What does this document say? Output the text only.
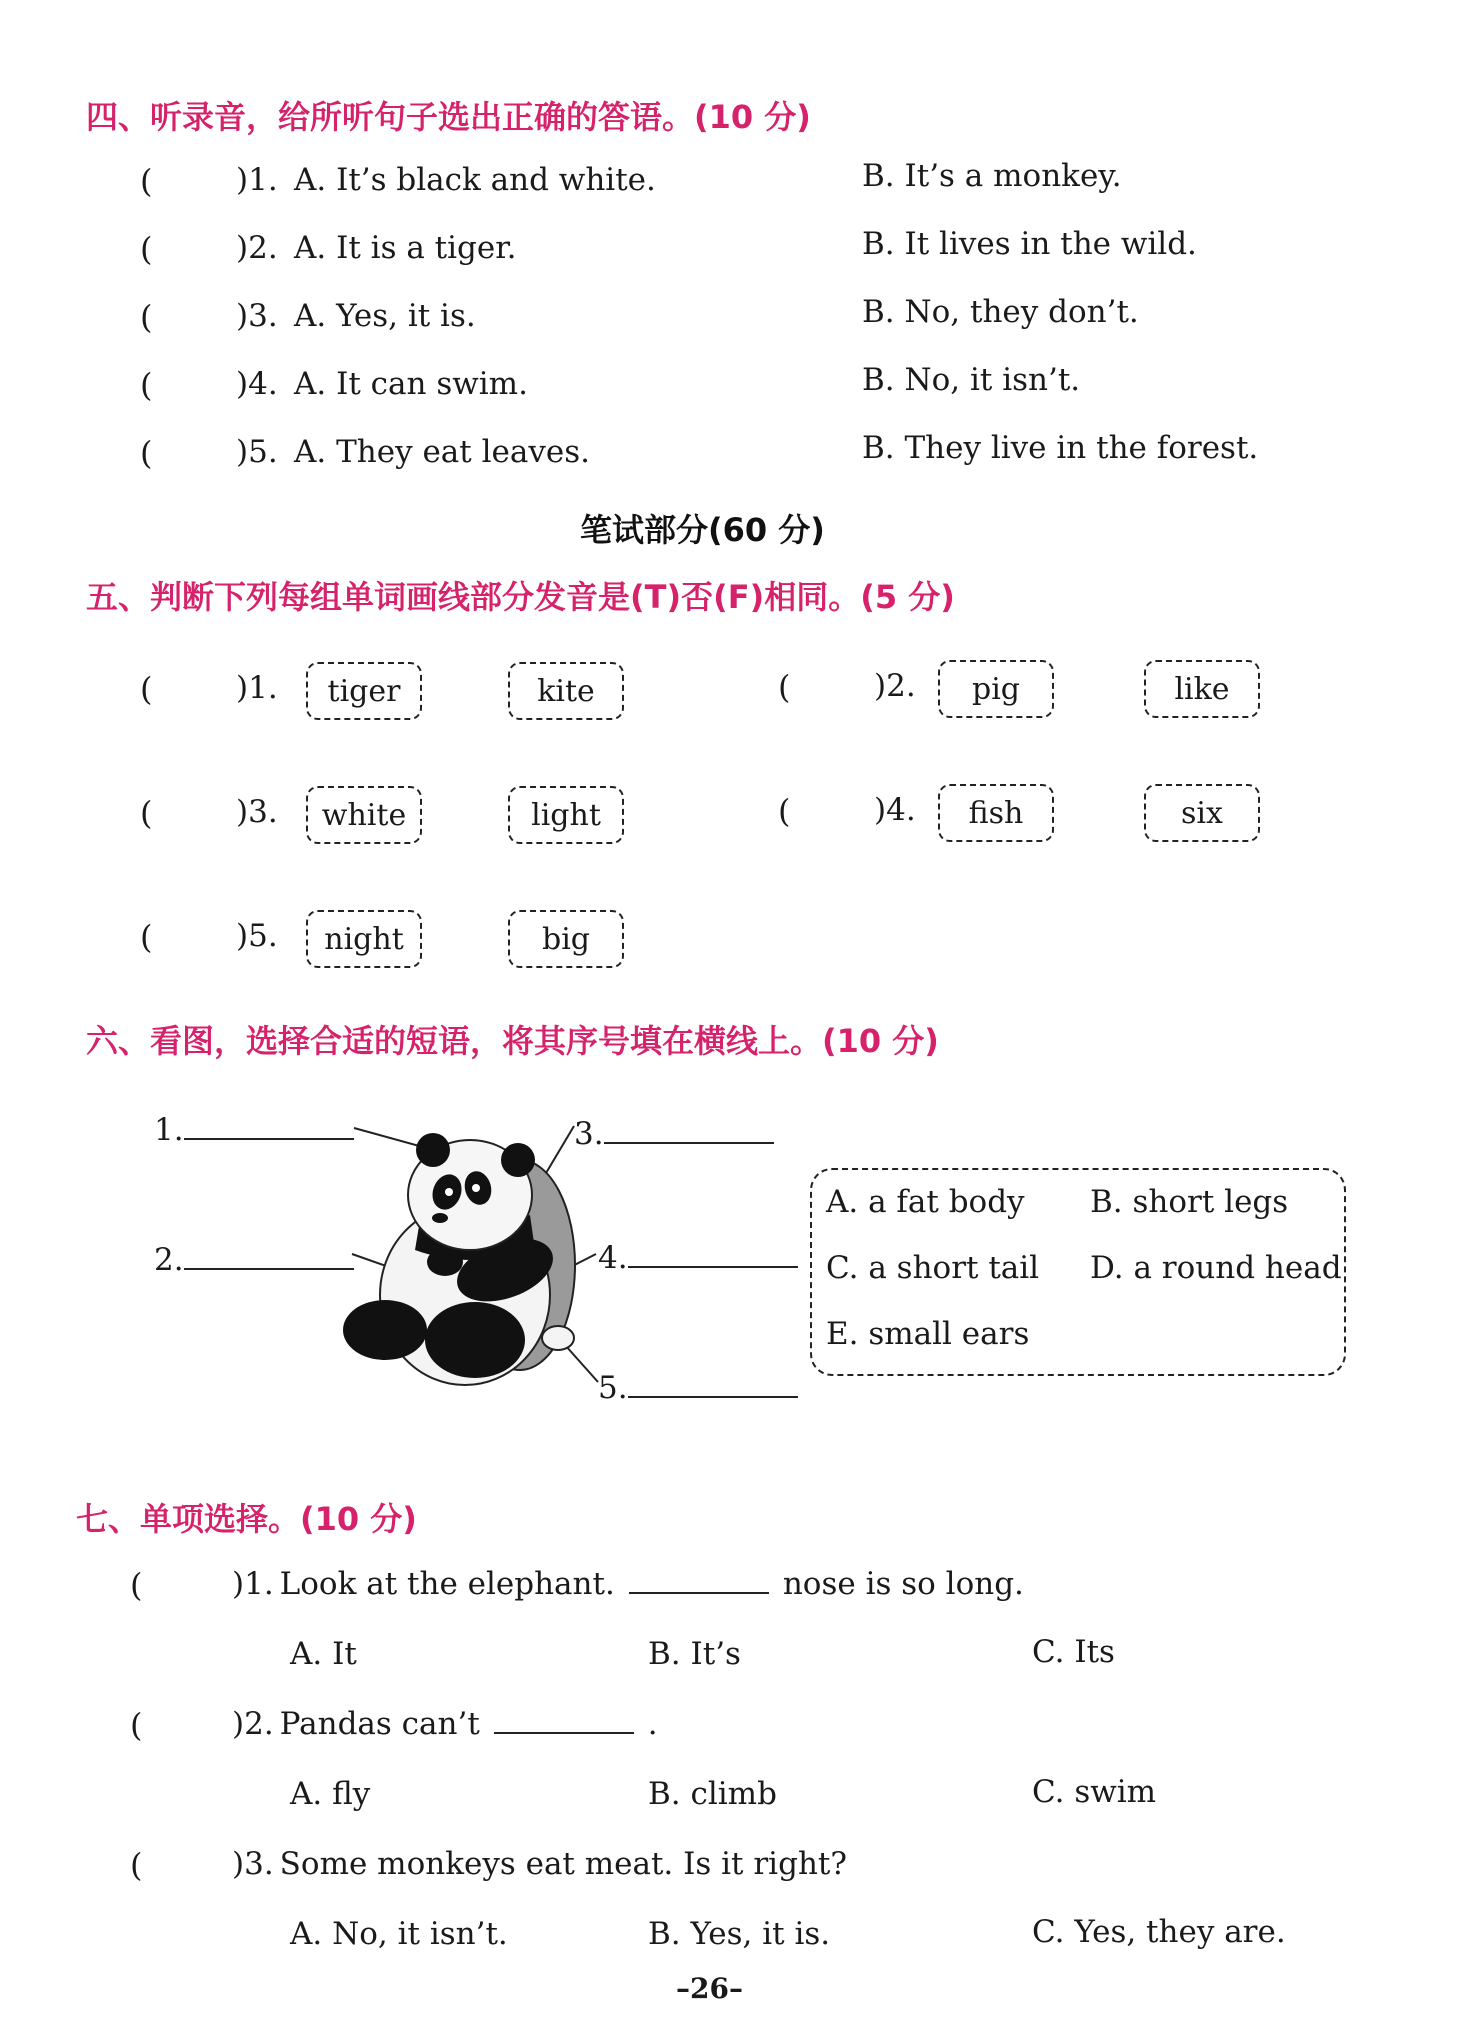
四、听录音，给所听句子选出正确的答语。(10 分)
(	)1. A. It’s black and white.	B. It’s a monkey.
(	)2. A. It is a tiger.	B. It lives in the wild.
(	)3. A. Yes, it is.	B. No, they don’t.
(	)4. A. It can swim.	B. No, it isn’t.
(	)5. A. They eat leaves.	B. They live in the forest.
笔试部分(60 分)
五、判断下列每组单词画线部分发音是(T)否(F)相同。(5 分)
(	)1.	tiger	kite	(	)2.	pig	like
(	)3.	white	light	(	)4.	fish	six
(	)5.	night	big
六、看图，选择合适的短语，将其序号填在横线上。(10 分)
1.
2.
3.
4.
5.
A. a fat body B. short legs
C. a short tail D. a round head
E. small ears
七、单项选择。(10 分)
(	)1. Look at the elephant.	nose is so long.
A. It	B. It’s	C. Its
(	)2. Pandas can’t	.
A. fly	B. climb	C. swim
(	)3. Some monkeys eat meat. Is it right?
A. No, it isn’t.	B. Yes, it is.	C. Yes, they are.
–26–
